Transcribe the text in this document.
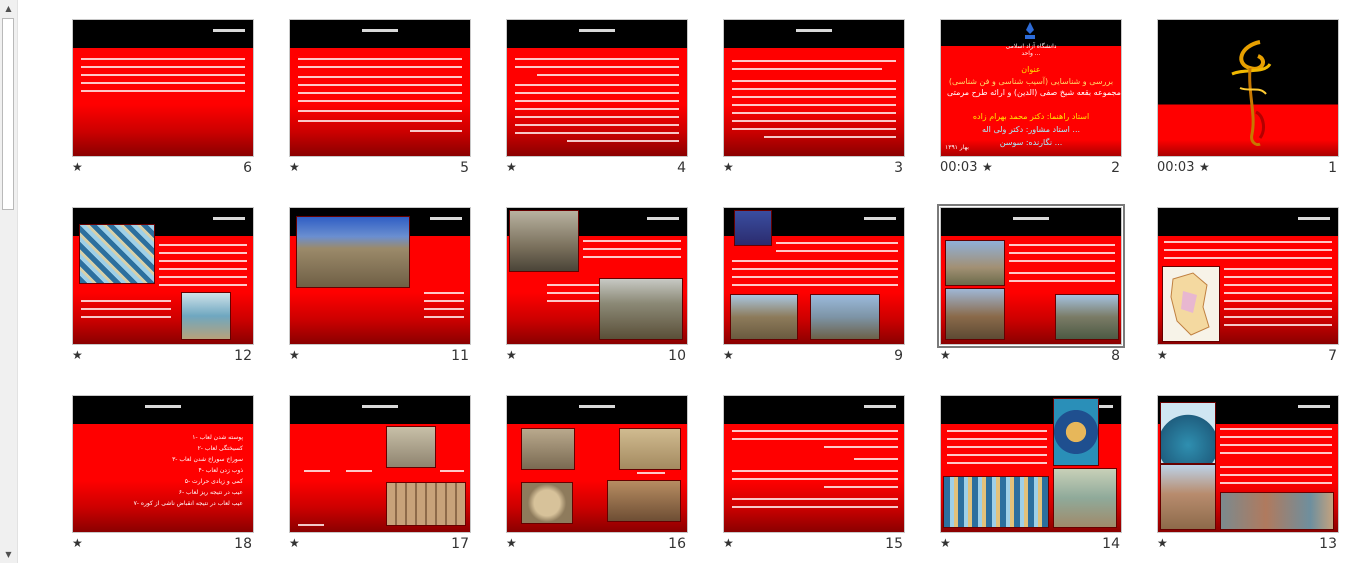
▲
▼
00:03 ★	1
دانشگاه آزاد اسلامی
واحد ...
عنوان
بررسی و شناسایی (آسیب شناسی و فن شناسی)
کاشیهای مجموعه بقعه شیخ صفی (الدین) و ارائه طرح مرمتی
استاد راهنما: دکتر محمد بهرام زاده
استاد مشاور: دکتر ولی اله ...
نگارنده: سوسن ...
بهار ۱۳۹۱
00:03 ★	2
★	3
★	4
★	5
★	6
★	7
★	8
★	9
★	10
★	11
★	12
★	13
★	14
★	15
★	16
★	17
۱- پوسته شدن لعاب
۲- کسیختگی لعاب
۳- سوراخ سوراخ شدن لعاب
۴- ذوب زدن لعاب
۵- کمی و زیادی حرارت
۶- عیب در نتیجه ریز لعاب
۷- عیب لعاب در نتیجه انقباض ناشی از کوره
★	18
